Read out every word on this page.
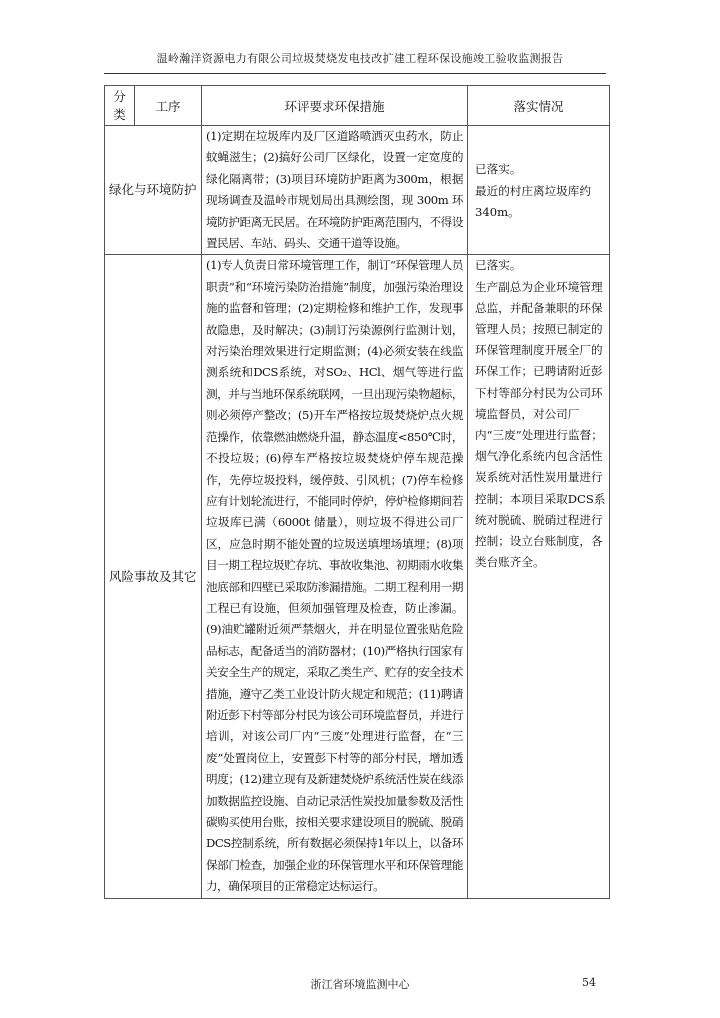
温岭瀚洋资源电力有限公司垃圾焚烧发电技改扩建工程环保设施竣工验收监测报告
分类	工序	环评要求环保措施	落实情况
绿化与环境防护		(1)定期在垃圾库内及厂区道路喷洒灭虫药水，防止蚊蝇滋生；(2)搞好公司厂区绿化，设置一定宽度的绿化隔离带；(3)项目环境防护距离为300m，根据现场调查及温岭市规划局出具测绘图，现 300m 环境防护距离无民居。在环境防护距离范围内，不得设置民居、车站、码头、交通干道等设施。	已落实。
最近的村庄离垃圾库约340m。

风险事故及其它		(1)专人负责日常环境管理工作，制订“环保管理人员职责”和“环境污染防治措施”制度，加强污染治理设施的监督和管理；(2)定期检修和维护工作，发现事故隐患，及时解决；(3)制订污染源例行监测计划，对污染治理效果进行定期监测；(4)必须安装在线监测系统和DCS系统，对SO₂、HCl、烟气等进行监测，并与当地环保系统联网，一旦出现污染物超标，则必须停产整改；(5)开车严格按垃圾焚烧炉点火规范操作，依靠燃油燃烧升温，静态温度<850℃时，不投垃圾；(6)停车严格按垃圾焚烧炉停车规范操作，先停垃圾投料，缓停鼓、引风机；(7)停车检修应有计划轮流进行，不能同时停炉，停炉检修期间若垃圾库已满（6000t 储量），则垃圾不得进公司厂区，应急时期不能处置的垃圾送填埋场填埋；(8)项目一期工程垃圾贮存坑、事故收集池、初期雨水收集池底部和四壁已采取防渗漏措施。二期工程利用一期工程已有设施，但须加强管理及检查，防止渗漏。(9)油贮罐附近须严禁烟火，并在明显位置张贴危险品标志，配备适当的消防器材；(10)严格执行国家有关安全生产的规定，采取乙类生产、贮存的安全技术措施，遵守乙类工业设计防火规定和规范；(11)聘请附近彭下村等部分村民为该公司环境监督员，并进行培训，对该公司厂内“三废”处理进行监督，在“三废”处置岗位上，安置彭下村等的部分村民，增加透明度；(12)建立现有及新建焚烧炉系统活性炭在线添加数据监控设施、自动记录活性炭投加量参数及活性碳购买使用台账，按相关要求建设项目的脱硫、脱硝DCS控制系统，所有数据必须保持1年以上，以备环保部门检查，加强企业的环保管理水平和环保管理能力，确保项目的正常稳定达标运行。	已落实。
生产副总为企业环境管理总监，并配备兼职的环保管理人员；按照已制定的环保管理制度开展全厂的环保工作；已聘请附近彭下村等部分村民为公司环境监督员，对公司厂内“三废”处理进行监督；烟气净化系统内包含活性炭系统对活性炭用量进行控制；本项目采取DCS系统对脱硫、脱硝过程进行控制；设立台账制度，各类台账齐全。
浙江省环境监测中心	54
